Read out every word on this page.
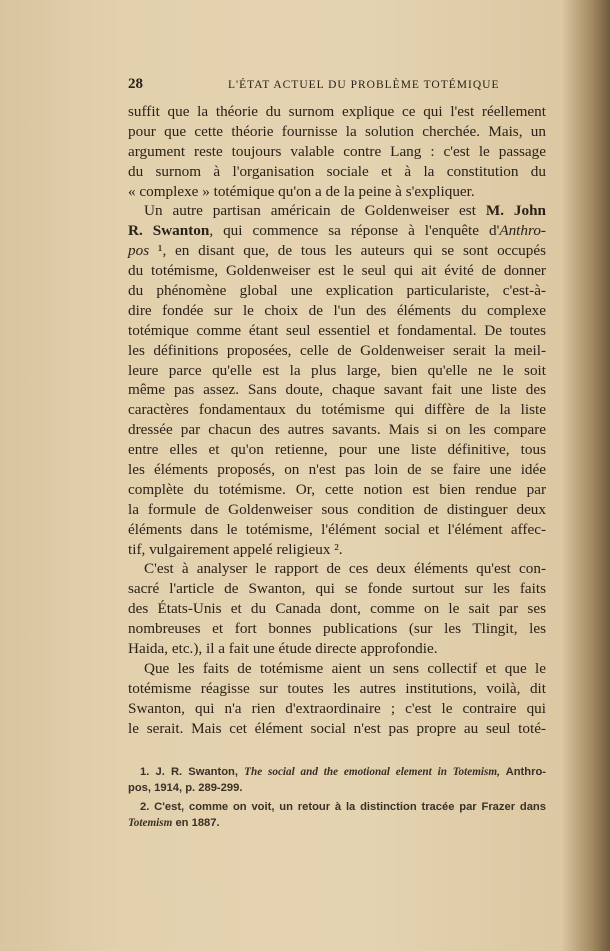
28	L'ÉTAT ACTUEL DU PROBLÈME TOTÉMIQUE
suffit que la théorie du surnom explique ce qui l'est réellement
pour que cette théorie fournisse la solution cherchée. Mais, un
argument reste toujours valable contre Lang : c'est le passage
du surnom à l'organisation sociale et à la constitution du
« complexe » totémique qu'on a de la peine à s'expliquer.
Un autre partisan américain de Goldenweiser est M. John
R. Swanton, qui commence sa réponse à l'enquête d'Anthro-
pos ¹, en disant que, de tous les auteurs qui se sont occupés
du totémisme, Goldenweiser est le seul qui ait évité de donner
du phénomène global une explication particulariste, c'est-à-
dire fondée sur le choix de l'un des éléments du complexe
totémique comme étant seul essentiel et fondamental. De toutes
les définitions proposées, celle de Goldenweiser serait la meil-
leure parce qu'elle est la plus large, bien qu'elle ne le soit
même pas assez. Sans doute, chaque savant fait une liste des
caractères fondamentaux du totémisme qui diffère de la liste
dressée par chacun des autres savants. Mais si on les compare
entre elles et qu'on retienne, pour une liste définitive, tous
les éléments proposés, on n'est pas loin de se faire une idée
complète du totémisme. Or, cette notion est bien rendue par
la formule de Goldenweiser sous condition de distinguer deux
éléments dans le totémisme, l'élément social et l'élément affec-
tif, vulgairement appelé religieux ².
C'est à analyser le rapport de ces deux éléments qu'est con-
sacré l'article de Swanton, qui se fonde surtout sur les faits
des États-Unis et du Canada dont, comme on le sait par ses
nombreuses et fort bonnes publications (sur les Tlingit, les
Haida, etc.), il a fait une étude directe approfondie.
Que les faits de totémisme aient un sens collectif et que le
totémisme réagisse sur toutes les autres institutions, voilà, dit
Swanton, qui n'a rien d'extraordinaire ; c'est le contraire qui
le serait. Mais cet élément social n'est pas propre au seul toté-
1. J. R. Swanton, The social and the emotional element in Totemism, Anthro-
pos, 1914, p. 289-299.
2. C'est, comme on voit, un retour à la distinction tracée par Frazer dans
Totemism en 1887.
